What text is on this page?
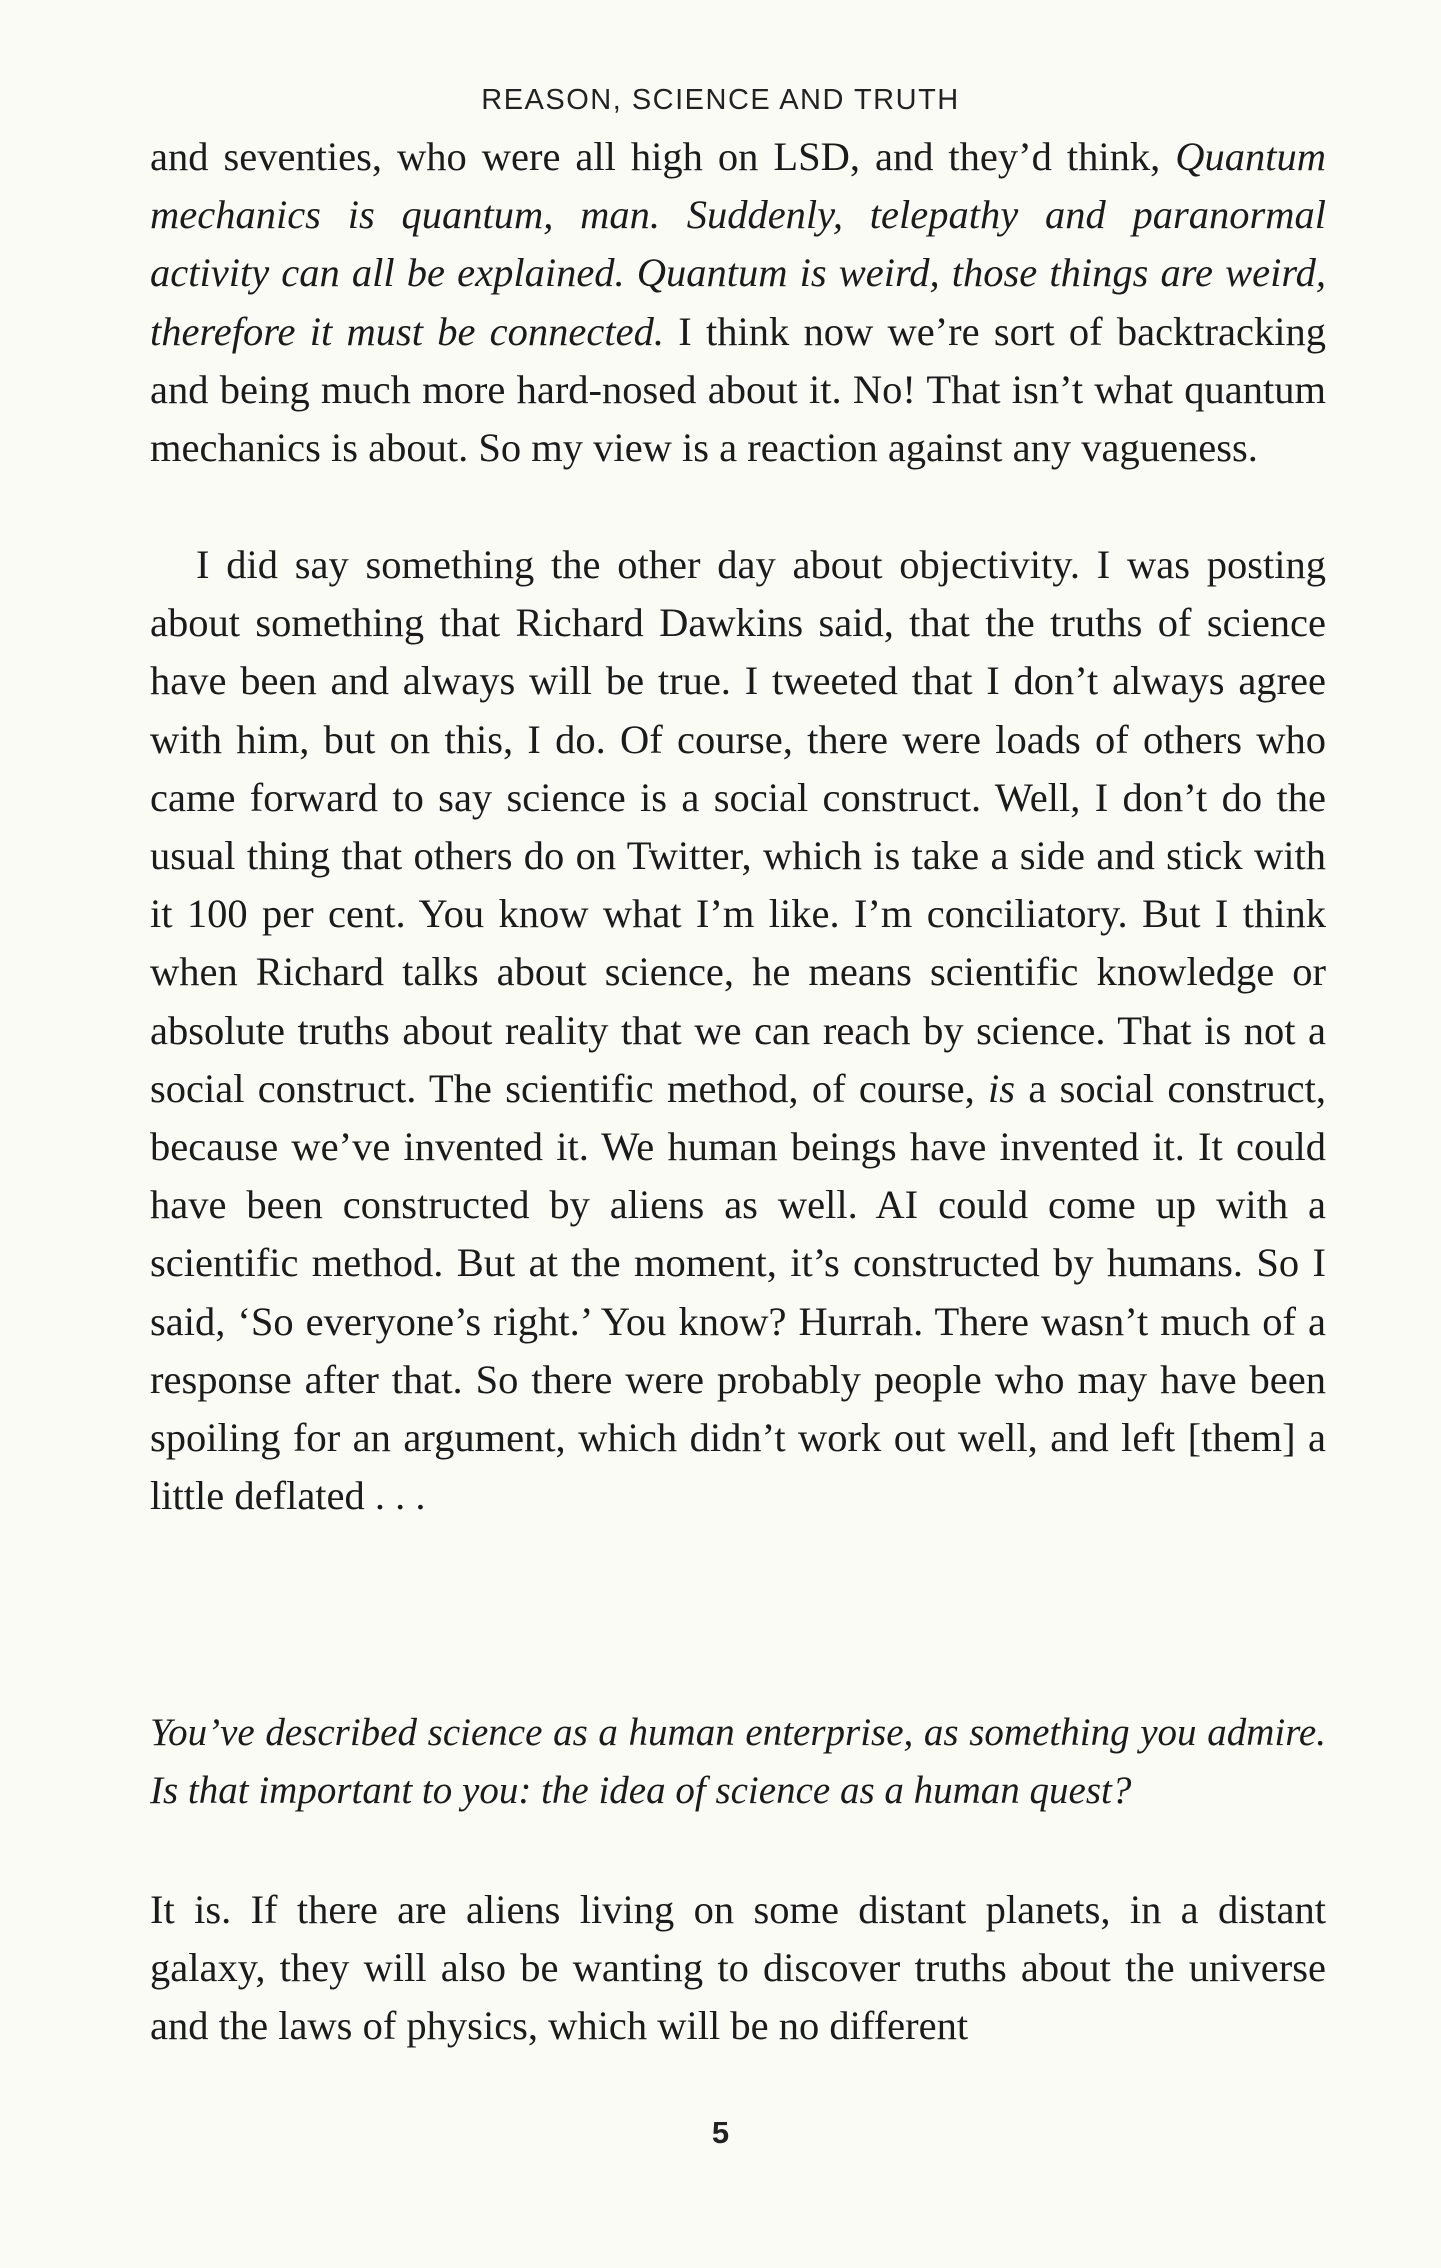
REASON, SCIENCE AND TRUTH

and seventies, who were all high on LSD, and they’d think, Quantum mechanics is quantum, man. Suddenly, telepathy and paranormal activity can all be explained. Quantum is weird, those things are weird, therefore it must be connected. I think now we’re sort of backtracking and being much more hard-nosed about it. No! That isn’t what quantum mechanics is about. So my view is a reaction against any vagueness.

I did say something the other day about objectivity. I was posting about something that Richard Dawkins said, that the truths of science have been and always will be true. I tweeted that I don’t always agree with him, but on this, I do. Of course, there were loads of others who came forward to say science is a social construct. Well, I don’t do the usual thing that others do on Twitter, which is take a side and stick with it 100 per cent. You know what I’m like. I’m conciliatory. But I think when Richard talks about science, he means scientific knowledge or absolute truths about reality that we can reach by science. That is not a social construct. The scientific method, of course, is a social construct, because we’ve invented it. We human beings have invented it. It could have been constructed by aliens as well. AI could come up with a scientific method. But at the moment, it’s constructed by humans. So I said, ‘So everyone’s right.’ You know? Hurrah. There wasn’t much of a response after that. So there were probably people who may have been spoiling for an argument, which didn’t work out well, and left [them] a little deflated . . .

You’ve described science as a human enterprise, as something you admire. Is that important to you: the idea of science as a human quest?

It is. If there are aliens living on some distant planets, in a distant galaxy, they will also be wanting to discover truths about the universe and the laws of physics, which will be no different

5
